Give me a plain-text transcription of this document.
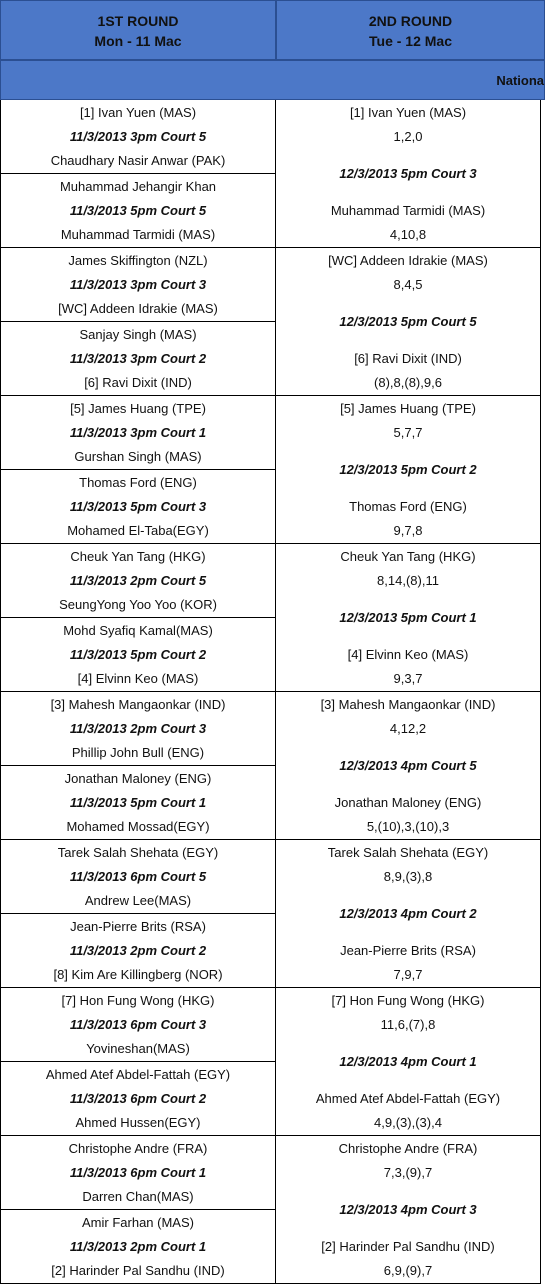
1ST ROUND
Mon - 11 Mac
2ND ROUND
Tue - 12 Mac
Nationa
[1] Ivan Yuen (MAS)
11/3/2013 3pm Court 5
Chaudhary Nasir Anwar (PAK)
Muhammad Jehangir Khan
11/3/2013 5pm Court 5
Muhammad Tarmidi (MAS)
[1] Ivan Yuen (MAS)
1,2,0
12/3/2013 5pm Court 3
Muhammad Tarmidi (MAS)
4,10,8
James Skiffington (NZL)
11/3/2013 3pm Court 3
[WC] Addeen Idrakie (MAS)
Sanjay Singh (MAS)
11/3/2013 3pm Court 2
[6] Ravi Dixit (IND)
[WC] Addeen Idrakie (MAS)
8,4,5
12/3/2013 5pm Court 5
[6] Ravi Dixit (IND)
(8),8,(8),9,6
[5] James Huang (TPE)
11/3/2013 3pm Court 1
Gurshan Singh (MAS)
Thomas Ford (ENG)
11/3/2013 5pm Court 3
Mohamed El-Taba(EGY)
[5] James Huang (TPE)
5,7,7
12/3/2013 5pm Court 2
Thomas Ford (ENG)
9,7,8
Cheuk Yan Tang (HKG)
11/3/2013 2pm Court 5
SeungYong Yoo Yoo (KOR)
Mohd Syafiq Kamal(MAS)
11/3/2013 5pm Court 2
[4] Elvinn Keo (MAS)
Cheuk Yan Tang (HKG)
8,14,(8),11
12/3/2013 5pm Court 1
[4] Elvinn Keo (MAS)
9,3,7
[3] Mahesh Mangaonkar (IND)
11/3/2013 2pm Court 3
Phillip John Bull (ENG)
Jonathan Maloney (ENG)
11/3/2013 5pm Court 1
Mohamed Mossad(EGY)
[3] Mahesh Mangaonkar (IND)
4,12,2
12/3/2013 4pm Court 5
Jonathan Maloney (ENG)
5,(10),3,(10),3
Tarek Salah Shehata (EGY)
11/3/2013 6pm Court 5
Andrew Lee(MAS)
Jean-Pierre Brits (RSA)
11/3/2013 2pm Court 2
[8] Kim Are Killingberg (NOR)
Tarek Salah Shehata (EGY)
8,9,(3),8
12/3/2013 4pm Court 2
Jean-Pierre Brits (RSA)
7,9,7
[7] Hon Fung Wong (HKG)
11/3/2013 6pm Court 3
Yovineshan(MAS)
Ahmed Atef Abdel-Fattah (EGY)
11/3/2013 6pm Court 2
Ahmed Hussen(EGY)
[7] Hon Fung Wong (HKG)
11,6,(7),8
12/3/2013 4pm Court 1
Ahmed Atef Abdel-Fattah (EGY)
4,9,(3),(3),4
Christophe Andre (FRA)
11/3/2013 6pm Court 1
Darren Chan(MAS)
Amir Farhan (MAS)
11/3/2013 2pm Court 1
[2] Harinder Pal Sandhu (IND)
Christophe Andre (FRA)
7,3,(9),7
12/3/2013 4pm Court 3
[2] Harinder Pal Sandhu (IND)
6,9,(9),7
